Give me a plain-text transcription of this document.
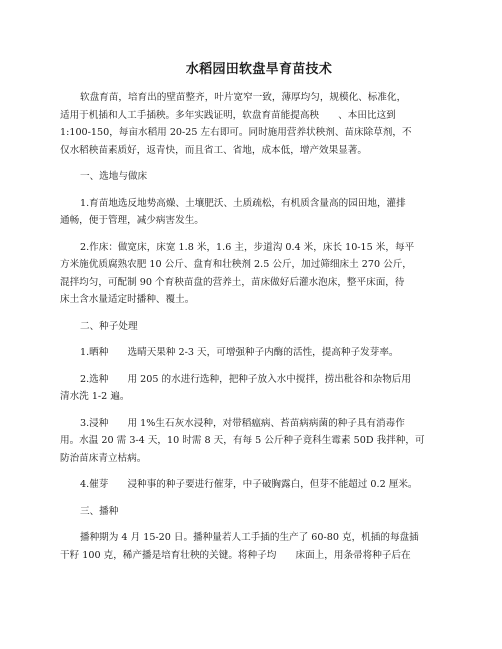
水稻园田软盘旱育苗技术
软盘育苗，培育出的壁苗整齐，叶片宽窄一致，薄厚均匀，规模化、标准化，
适用于机插和人工手插秧。多年实践证明，软盘育苗能提高秧　　、本田比这到
1:100-150，每亩水稻用 20-25 左右即可。同时施用营养状秧剂、苗床除草剂，不
仅水稻秧苗素质好，返青快，而且省工、省地，成本低，增产效果显著。
一、选地与做床
1.育苗地选反地势高燥、土壤肥沃、土质疏松，有机质含量高的园田地，灌排
通畅，便于管理，减少病害发生。
2.作床：做宽床，床宽 1.8 米，1.6 主，步道沟 0.4 米，床长 10-15 米，每平
方米施优质腐熟农肥 10 公斤、盘育和壮秧剂 2.5 公斤，加过筛细床土 270 公斤，
混拌均匀，可配制 90 个育秧苗盘的营养土，苗床做好后灌水泡床，整平床面，待
床土含水量适定时播种、覆土。
二、种子处理
1.晒种　　选晴天果种 2-3 天，可增强种子内酶的活性，提高种子发芽率。
2.选种　　用 205 的水进行选种，把种子放入水中搅拌，捞出秕谷和杂物后用
清水洗 1-2 遍。
3.浸种　　用 1%生石灰水浸种，对带稻瘟病、苔苗病病菌的种子具有消毒作
用。水温 20 需 3-4 天，10 时需 8 天，有每 5 公斤种子竟科生霉素 50D 我拌种，可
防治苗床青立枯病。
4.催芽　　浸种事的种子要进行催芽，中子破胸露白，但芽不能超过 0.2 厘米。
三、播种
播种期为 4 月 15-20 日。播种量若人工手插的生产了 60-80 克，机插的每盘插
干籽 100 克，稀产播是培育壮秧的关键。将种子均　　床面上，用条帚将种子后在
